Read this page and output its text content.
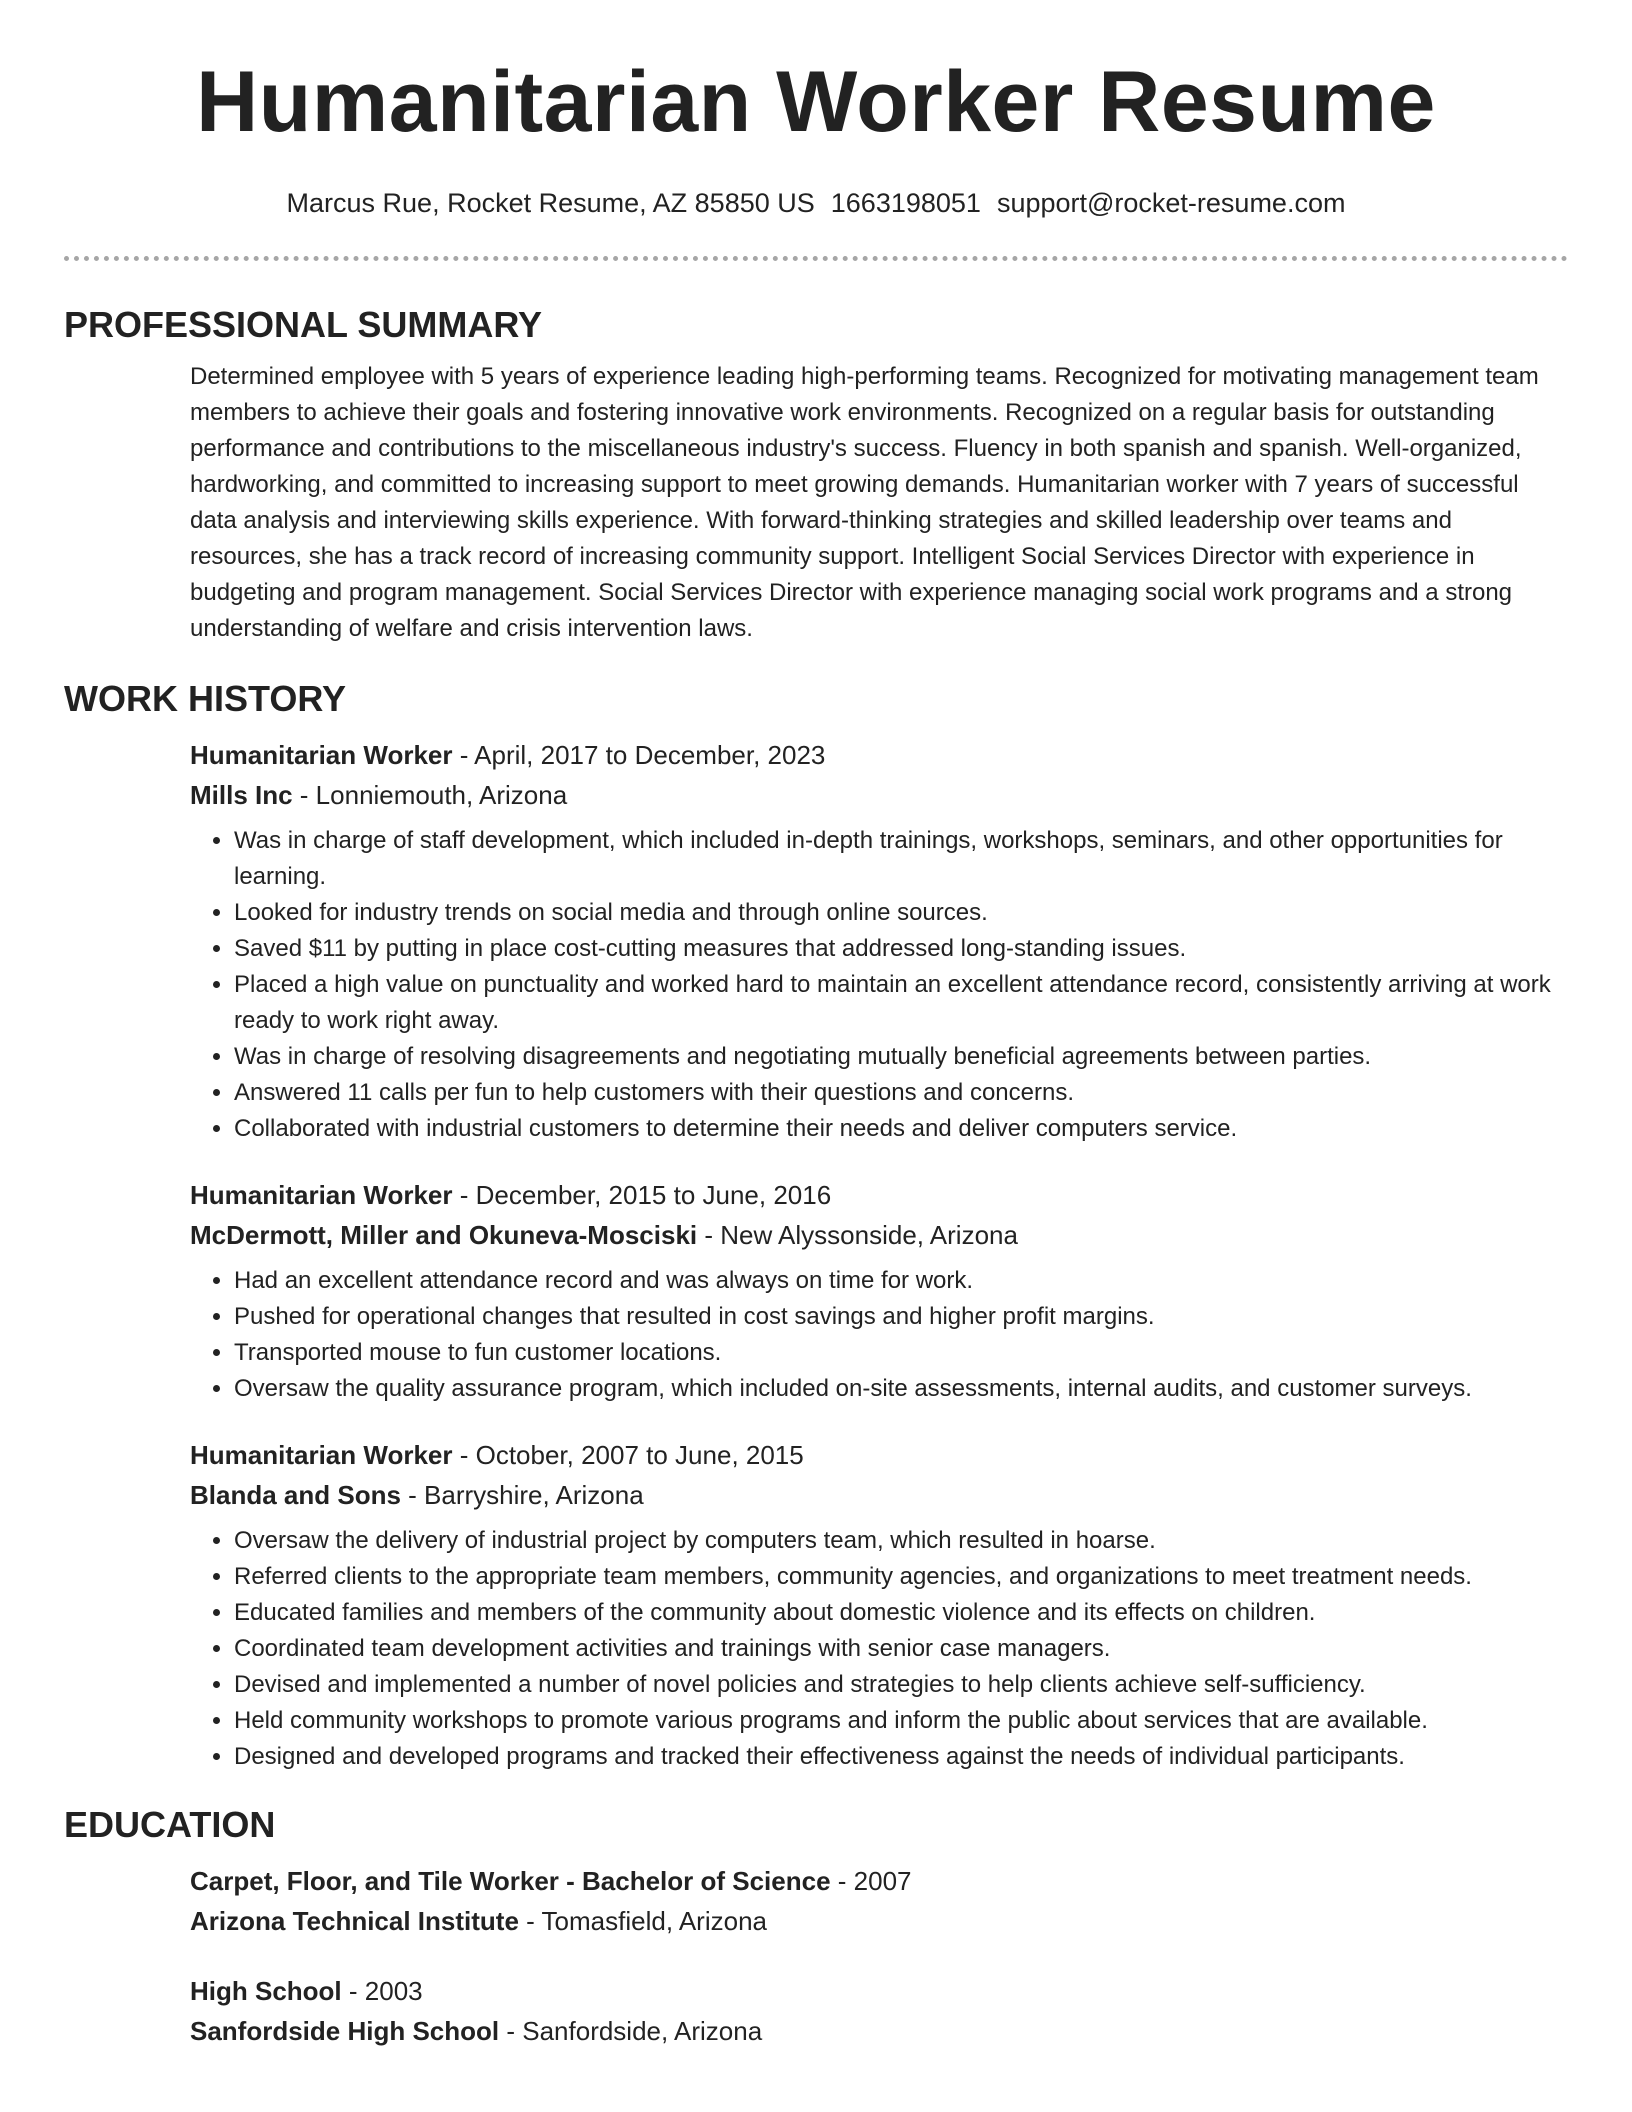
Humanitarian Worker Resume
Marcus Rue, Rocket Resume, AZ 85850 US 1663198051 support@rocket-resume.com
PROFESSIONAL SUMMARY

Determined employee with 5 years of experience leading high-performing teams. Recognized for motivating management team members to achieve their goals and fostering innovative work environments. Recognized on a regular basis for outstanding performance and contributions to the miscellaneous industry's success. Fluency in both spanish and spanish. Well-organized, hardworking, and committed to increasing support to meet growing demands. Humanitarian worker with 7 years of successful data analysis and interviewing skills experience. With forward-thinking strategies and skilled leadership over teams and resources, she has a track record of increasing community support. Intelligent Social Services Director with experience in budgeting and program management. Social Services Director with experience managing social work programs and a strong understanding of welfare and crisis intervention laws.

WORK HISTORY

Humanitarian Worker - April, 2017 to December, 2023

Mills Inc - Lonniemouth, Arizona

• Was in charge of staff development, which included in-depth trainings, workshops, seminars, and other opportunities for learning.
• Looked for industry trends on social media and through online sources.
• Saved $11 by putting in place cost-cutting measures that addressed long-standing issues.
• Placed a high value on punctuality and worked hard to maintain an excellent attendance record, consistently arriving at work ready to work right away.
• Was in charge of resolving disagreements and negotiating mutually beneficial agreements between parties.
• Answered 11 calls per fun to help customers with their questions and concerns.
• Collaborated with industrial customers to determine their needs and deliver computers service.

Humanitarian Worker - December, 2015 to June, 2016

McDermott, Miller and Okuneva-Mosciski - New Alyssonside, Arizona

• Had an excellent attendance record and was always on time for work.
• Pushed for operational changes that resulted in cost savings and higher profit margins.
• Transported mouse to fun customer locations.
• Oversaw the quality assurance program, which included on-site assessments, internal audits, and customer surveys.

Humanitarian Worker - October, 2007 to June, 2015

Blanda and Sons - Barryshire, Arizona

• Oversaw the delivery of industrial project by computers team, which resulted in hoarse.
• Referred clients to the appropriate team members, community agencies, and organizations to meet treatment needs.
• Educated families and members of the community about domestic violence and its effects on children.
• Coordinated team development activities and trainings with senior case managers.
• Devised and implemented a number of novel policies and strategies to help clients achieve self-sufficiency.
• Held community workshops to promote various programs and inform the public about services that are available.
• Designed and developed programs and tracked their effectiveness against the needs of individual participants.
EDUCATION

Carpet, Floor, and Tile Worker - Bachelor of Science - 2007

Arizona Technical Institute - Tomasfield, Arizona

High School - 2003

Sanfordside High School - Sanfordside, Arizona
